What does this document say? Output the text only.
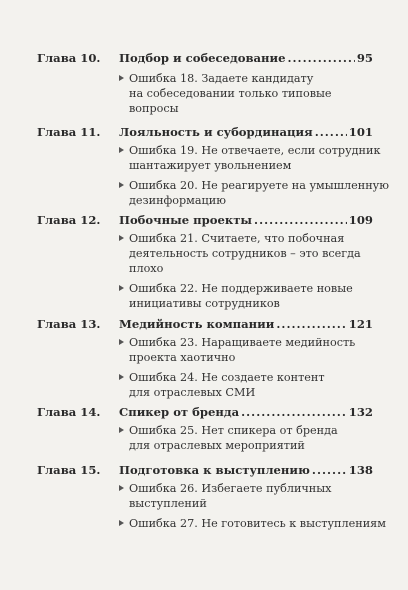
Глава 10.	Подбор и собеседование .....	95
Ошибка 18. Задаете кандидату
на собеседовании только типовые
вопросы
Глава 11.	Лояльность и субординация .....	101
Ошибка 19. Не отвечаете, если сотрудник
шантажирует увольнением
Ошибка 20. Не реагируете на умышленную
дезинформацию
Глава 12.	Побочные проекты .....	109
Ошибка 21. Считаете, что побочная
деятельность сотрудников – это всегда
плохо
Ошибка 22. Не поддерживаете новые
инициативы сотрудников
Глава 13.	Медийность компании .....	121
Ошибка 23. Наращиваете медийность
проекта хаотично
Ошибка 24. Не создаете контент
для отраслевых СМИ
Глава 14.	Спикер от бренда .....	132
Ошибка 25. Нет спикера от бренда
для отраслевых мероприятий
Глава 15.	Подготовка к выступлению .....	138
Ошибка 26. Избегаете публичных
выступлений
Ошибка 27. Не готовитесь к выступлениям
